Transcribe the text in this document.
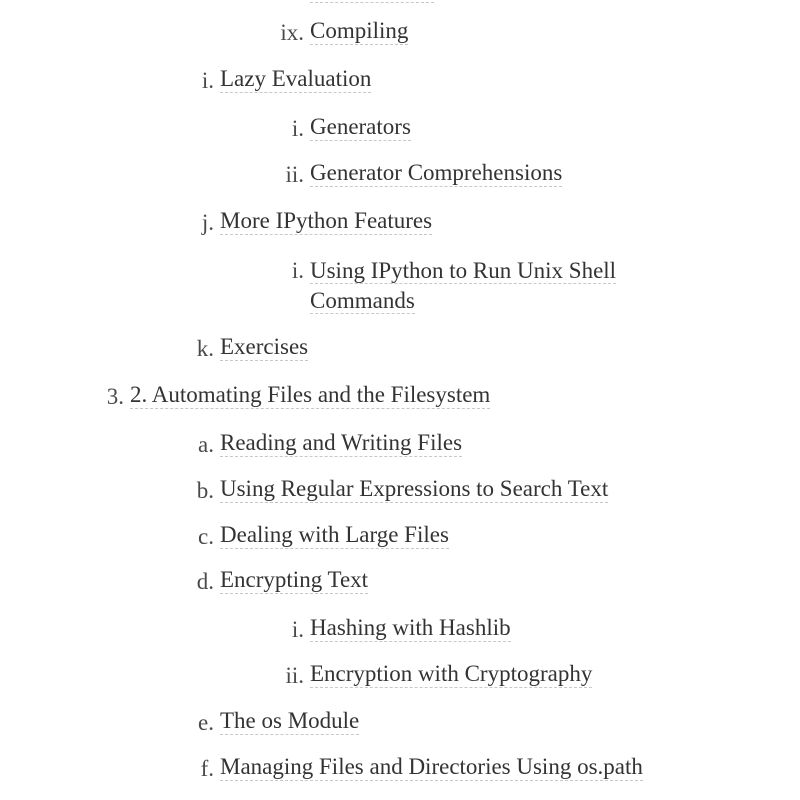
ix. Compiling
i. Lazy Evaluation
i. Generators
ii. Generator Comprehensions
j. More IPython Features
i. Using IPython to Run Unix Shell
Commands
k. Exercises
3. 2. Automating Files and the Filesystem
a. Reading and Writing Files
b. Using Regular Expressions to Search Text
c. Dealing with Large Files
d. Encrypting Text
i. Hashing with Hashlib
ii. Encryption with Cryptography
e. The os Module
f. Managing Files and Directories Using os.path
